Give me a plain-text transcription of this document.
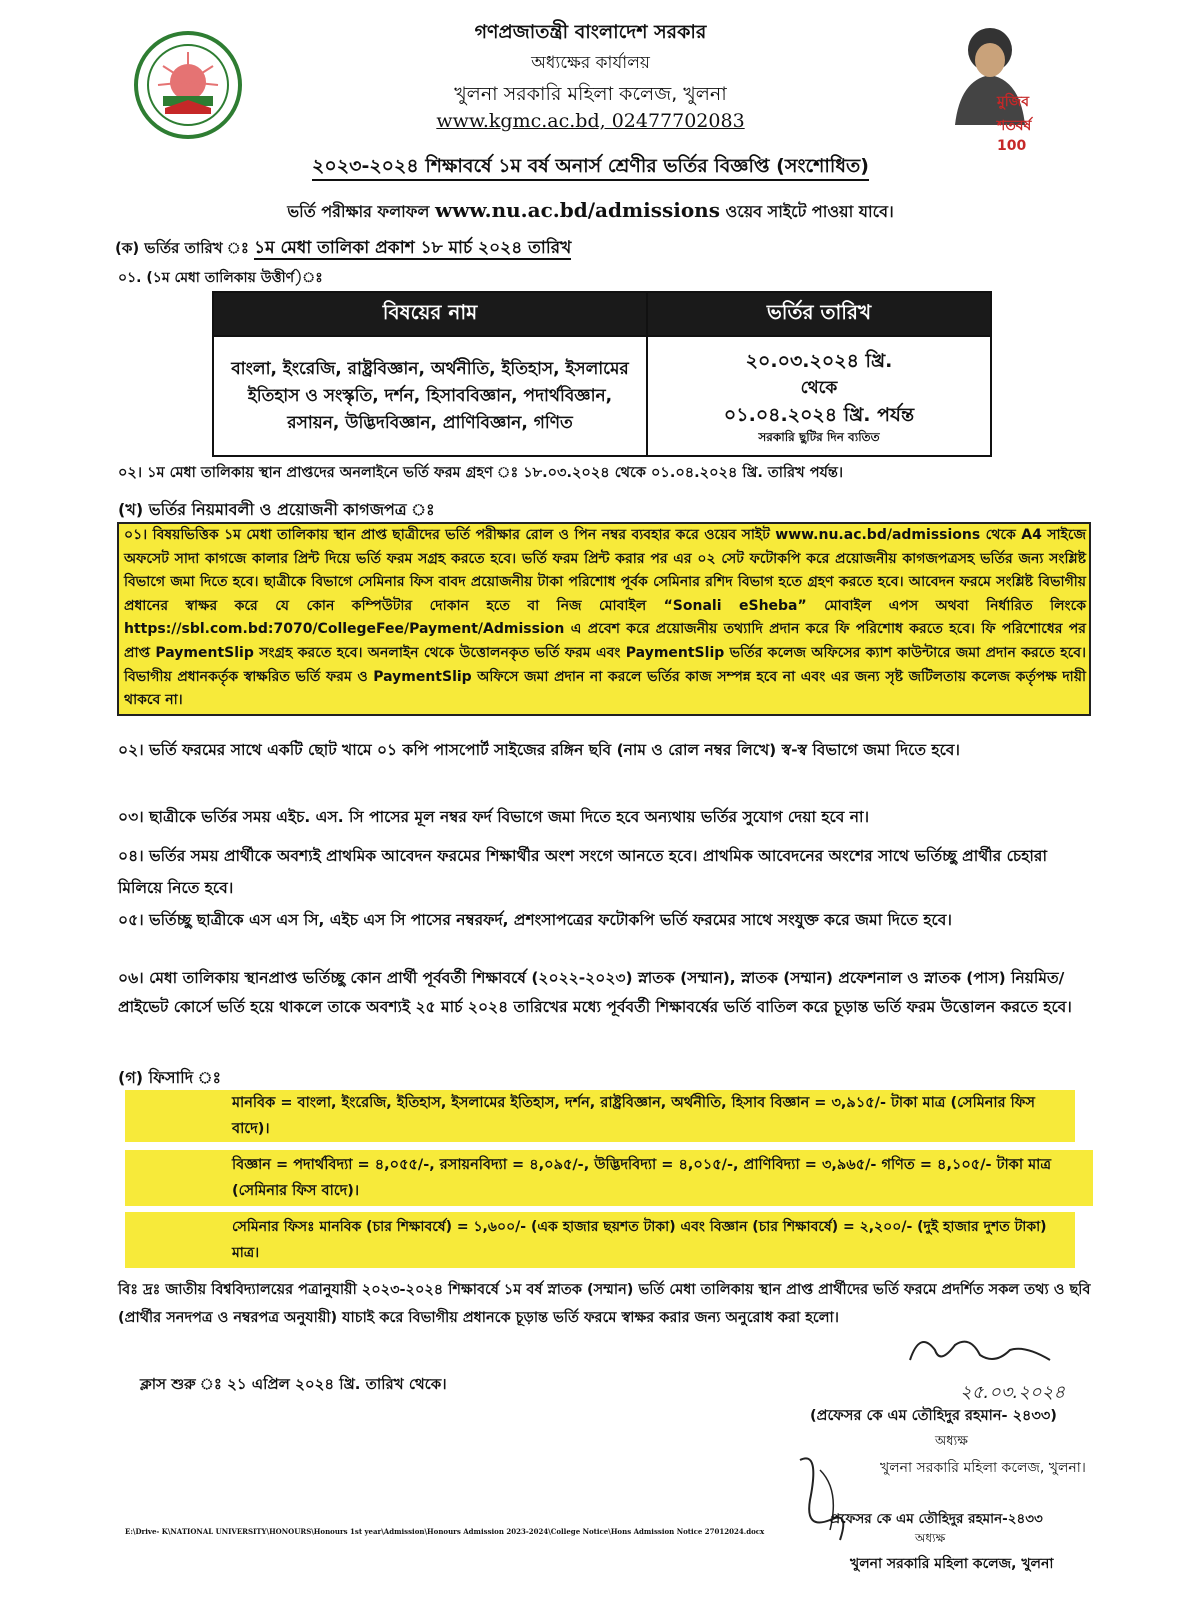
মুজিব শতবর্ষ 100
গণপ্রজাতন্ত্রী বাংলাদেশ সরকার
অধ্যক্ষের কার্যালয়
খুলনা সরকারি মহিলা কলেজ, খুলনা
www.kgmc.ac.bd, 02477702083
২০২৩-২০২৪ শিক্ষাবর্ষে ১ম বর্ষ অনার্স শ্রেণীর ভর্তির বিজ্ঞপ্তি (সংশোধিত)
ভর্তি পরীক্ষার ফলাফল www.nu.ac.bd/admissions ওয়েব সাইটে পাওয়া যাবে।
(ক) ভর্তির তারিখ ঃ ১ম মেধা তালিকা প্রকাশ ১৮ মার্চ ২০২৪ তারিখ
০১. (১ম মেধা তালিকায় উত্তীর্ণ)ঃ
বিষয়ের নাম	ভর্তির তারিখ
বাংলা, ইংরেজি, রাষ্ট্রবিজ্ঞান, অর্থনীতি, ইতিহাস, ইসলামের ইতিহাস ও সংস্কৃতি, দর্শন, হিসাববিজ্ঞান, পদার্থবিজ্ঞান, রসায়ন, উদ্ভিদবিজ্ঞান, প্রাণিবিজ্ঞান, গণিত	২০.০৩.২০২৪ খ্রি.
থেকে
০১.০৪.২০২৪ খ্রি. পর্যন্ত
সরকারি ছুটির দিন ব্যতিত
০২। ১ম মেধা তালিকায় স্থান প্রাপ্তদের অনলাইনে ভর্তি ফরম গ্রহণ ঃ ১৮.০৩.২০২৪ থেকে ০১.০৪.২০২৪ খ্রি. তারিখ পর্যন্ত।
(খ) ভর্তির নিয়মাবলী ও প্রয়োজনী কাগজপত্র ঃ
০১। বিষয়ভিত্তিক ১ম মেধা তালিকায় স্থান প্রাপ্ত ছাত্রীদের ভর্তি পরীক্ষার রোল ও পিন নম্বর ব্যবহার করে ওয়েব সাইট www.nu.ac.bd/admissions থেকে A4 সাইজে অফসেট সাদা কাগজে কালার প্রিন্ট দিয়ে ভর্তি ফরম সগ্রহ করতে হবে। ভর্তি ফরম প্রিন্ট করার পর এর ০২ সেট ফটোকপি করে প্রয়োজনীয় কাগজপত্রসহ ভর্তির জন্য সংশ্লিষ্ট বিভাগে জমা দিতে হবে। ছাত্রীকে বিভাগে সেমিনার ফিস বাবদ প্রয়োজনীয় টাকা পরিশোধ পূর্বক সেমিনার রশিদ বিভাগ হতে গ্রহণ করতে হবে। আবেদন ফরমে সংশ্লিষ্ট বিভাগীয় প্রধানের স্বাক্ষর করে যে কোন কম্পিউটার দোকান হতে বা নিজ মোবাইল “Sonali eSheba” মোবাইল এপস অথবা নির্ধারিত লিংকে https://sbl.com.bd:7070/CollegeFee/Payment/Admission এ প্রবেশ করে প্রয়োজনীয় তথ্যাদি প্রদান করে ফি পরিশোধ করতে হবে। ফি পরিশোধের পর প্রাপ্ত PaymentSlip সংগ্রহ করতে হবে। অনলাইন থেকে উত্তোলনকৃত ভর্তি ফরম এবং PaymentSlip ভর্তির কলেজ অফিসের ক্যাশ কাউন্টারে জমা প্রদান করতে হবে। বিভাগীয় প্রধানকর্তৃক স্বাক্ষরিত ভর্তি ফরম ও PaymentSlip অফিসে জমা প্রদান না করলে ভর্তির কাজ সম্পন্ন হবে না এবং এর জন্য সৃষ্ট জটিলতায় কলেজ কর্তৃপক্ষ দায়ী থাকবে না।
০২। ভর্তি ফরমের সাথে একটি ছোট খামে ০১ কপি পাসপোর্ট সাইজের রঙ্গিন ছবি (নাম ও রোল নম্বর লিখে) স্ব-স্ব বিভাগে জমা দিতে হবে।
০৩। ছাত্রীকে ভর্তির সময় এইচ. এস. সি পাসের মূল নম্বর ফর্দ বিভাগে জমা দিতে হবে অন্যথায় ভর্তির সুযোগ দেয়া হবে না।
০৪। ভর্তির সময় প্রার্থীকে অবশ্যই প্রাথমিক আবেদন ফরমের শিক্ষার্থীর অংশ সংগে আনতে হবে। প্রাথমিক আবেদনের অংশের সাথে ভর্তিচ্ছু প্রার্থীর চেহারা মিলিয়ে নিতে হবে।
০৫। ভর্তিচ্ছু ছাত্রীকে এস এস সি, এইচ এস সি পাসের নম্বরফর্দ, প্রশংসাপত্রের ফটোকপি ভর্তি ফরমের সাথে সংযুক্ত করে জমা দিতে হবে।
০৬। মেধা তালিকায় স্থানপ্রাপ্ত ভর্তিচ্ছু কোন প্রার্থী পূর্ববর্তী শিক্ষাবর্ষে (২০২২-২০২৩) স্নাতক (সম্মান), স্নাতক (সম্মান) প্রফেশনাল ও স্নাতক (পাস) নিয়মিত/প্রাইভেট কোর্সে ভর্তি হয়ে থাকলে তাকে অবশ্যই ২৫ মার্চ ২০২৪ তারিখের মধ্যে পূর্ববর্তী শিক্ষাবর্ষের ভর্তি বাতিল করে চূড়ান্ত ভর্তি ফরম উত্তোলন করতে হবে।
(গ) ফিসাদি ঃ
মানবিক = বাংলা, ইংরেজি, ইতিহাস, ইসলামের ইতিহাস, দর্শন, রাষ্ট্রবিজ্ঞান, অর্থনীতি, হিসাব বিজ্ঞান = ৩,৯১৫/- টাকা মাত্র (সেমিনার ফিস বাদে)।
বিজ্ঞান = পদার্থবিদ্যা = ৪,০৫৫/-, রসায়নবিদ্যা = ৪,০৯৫/-, উদ্ভিদবিদ্যা = ৪,০১৫/-, প্রাণিবিদ্যা = ৩,৯৬৫/- গণিত = ৪,১০৫/- টাকা মাত্র (সেমিনার ফিস বাদে)।
সেমিনার ফিসঃ মানবিক (চার শিক্ষাবর্ষে) = ১,৬০০/- (এক হাজার ছয়শত টাকা) এবং বিজ্ঞান (চার শিক্ষাবর্ষে) = ২,২০০/- (দুই হাজার দুশত টাকা) মাত্র।
বিঃ দ্রঃ জাতীয় বিশ্ববিদ্যালয়ের পত্রানুযায়ী ২০২৩-২০২৪ শিক্ষাবর্ষে ১ম বর্ষ স্নাতক (সম্মান) ভর্তি মেধা তালিকায় স্থান প্রাপ্ত প্রার্থীদের ভর্তি ফরমে প্রদর্শিত সকল তথ্য ও ছবি (প্রার্থীর সনদপত্র ও নম্বরপত্র অনুযায়ী) যাচাই করে বিভাগীয় প্রধানকে চূড়ান্ত ভর্তি ফরমে স্বাক্ষর করার জন্য অনুরোধ করা হলো।
ক্লাস শুরু ঃ ২১ এপ্রিল ২০২৪ খ্রি. তারিখ থেকে।	২৫.০৩.২০২৪
(প্রফেসর কে এম তৌহিদুর রহমান- ২৪৩৩)
অধ্যক্ষ
খুলনা সরকারি মহিলা কলেজ, খুলনা।
প্রফেসর কে এম তৌহিদুর রহমান-২৪৩৩
অধ্যক্ষ
খুলনা সরকারি মহিলা কলেজ, খুলনা
E:\Drive- K\NATIONAL UNIVERSITY\HONOURS\Honours 1st year\Admission\Honours Admission 2023-2024\College Notice\Hons Admission Notice 27012024.docx
